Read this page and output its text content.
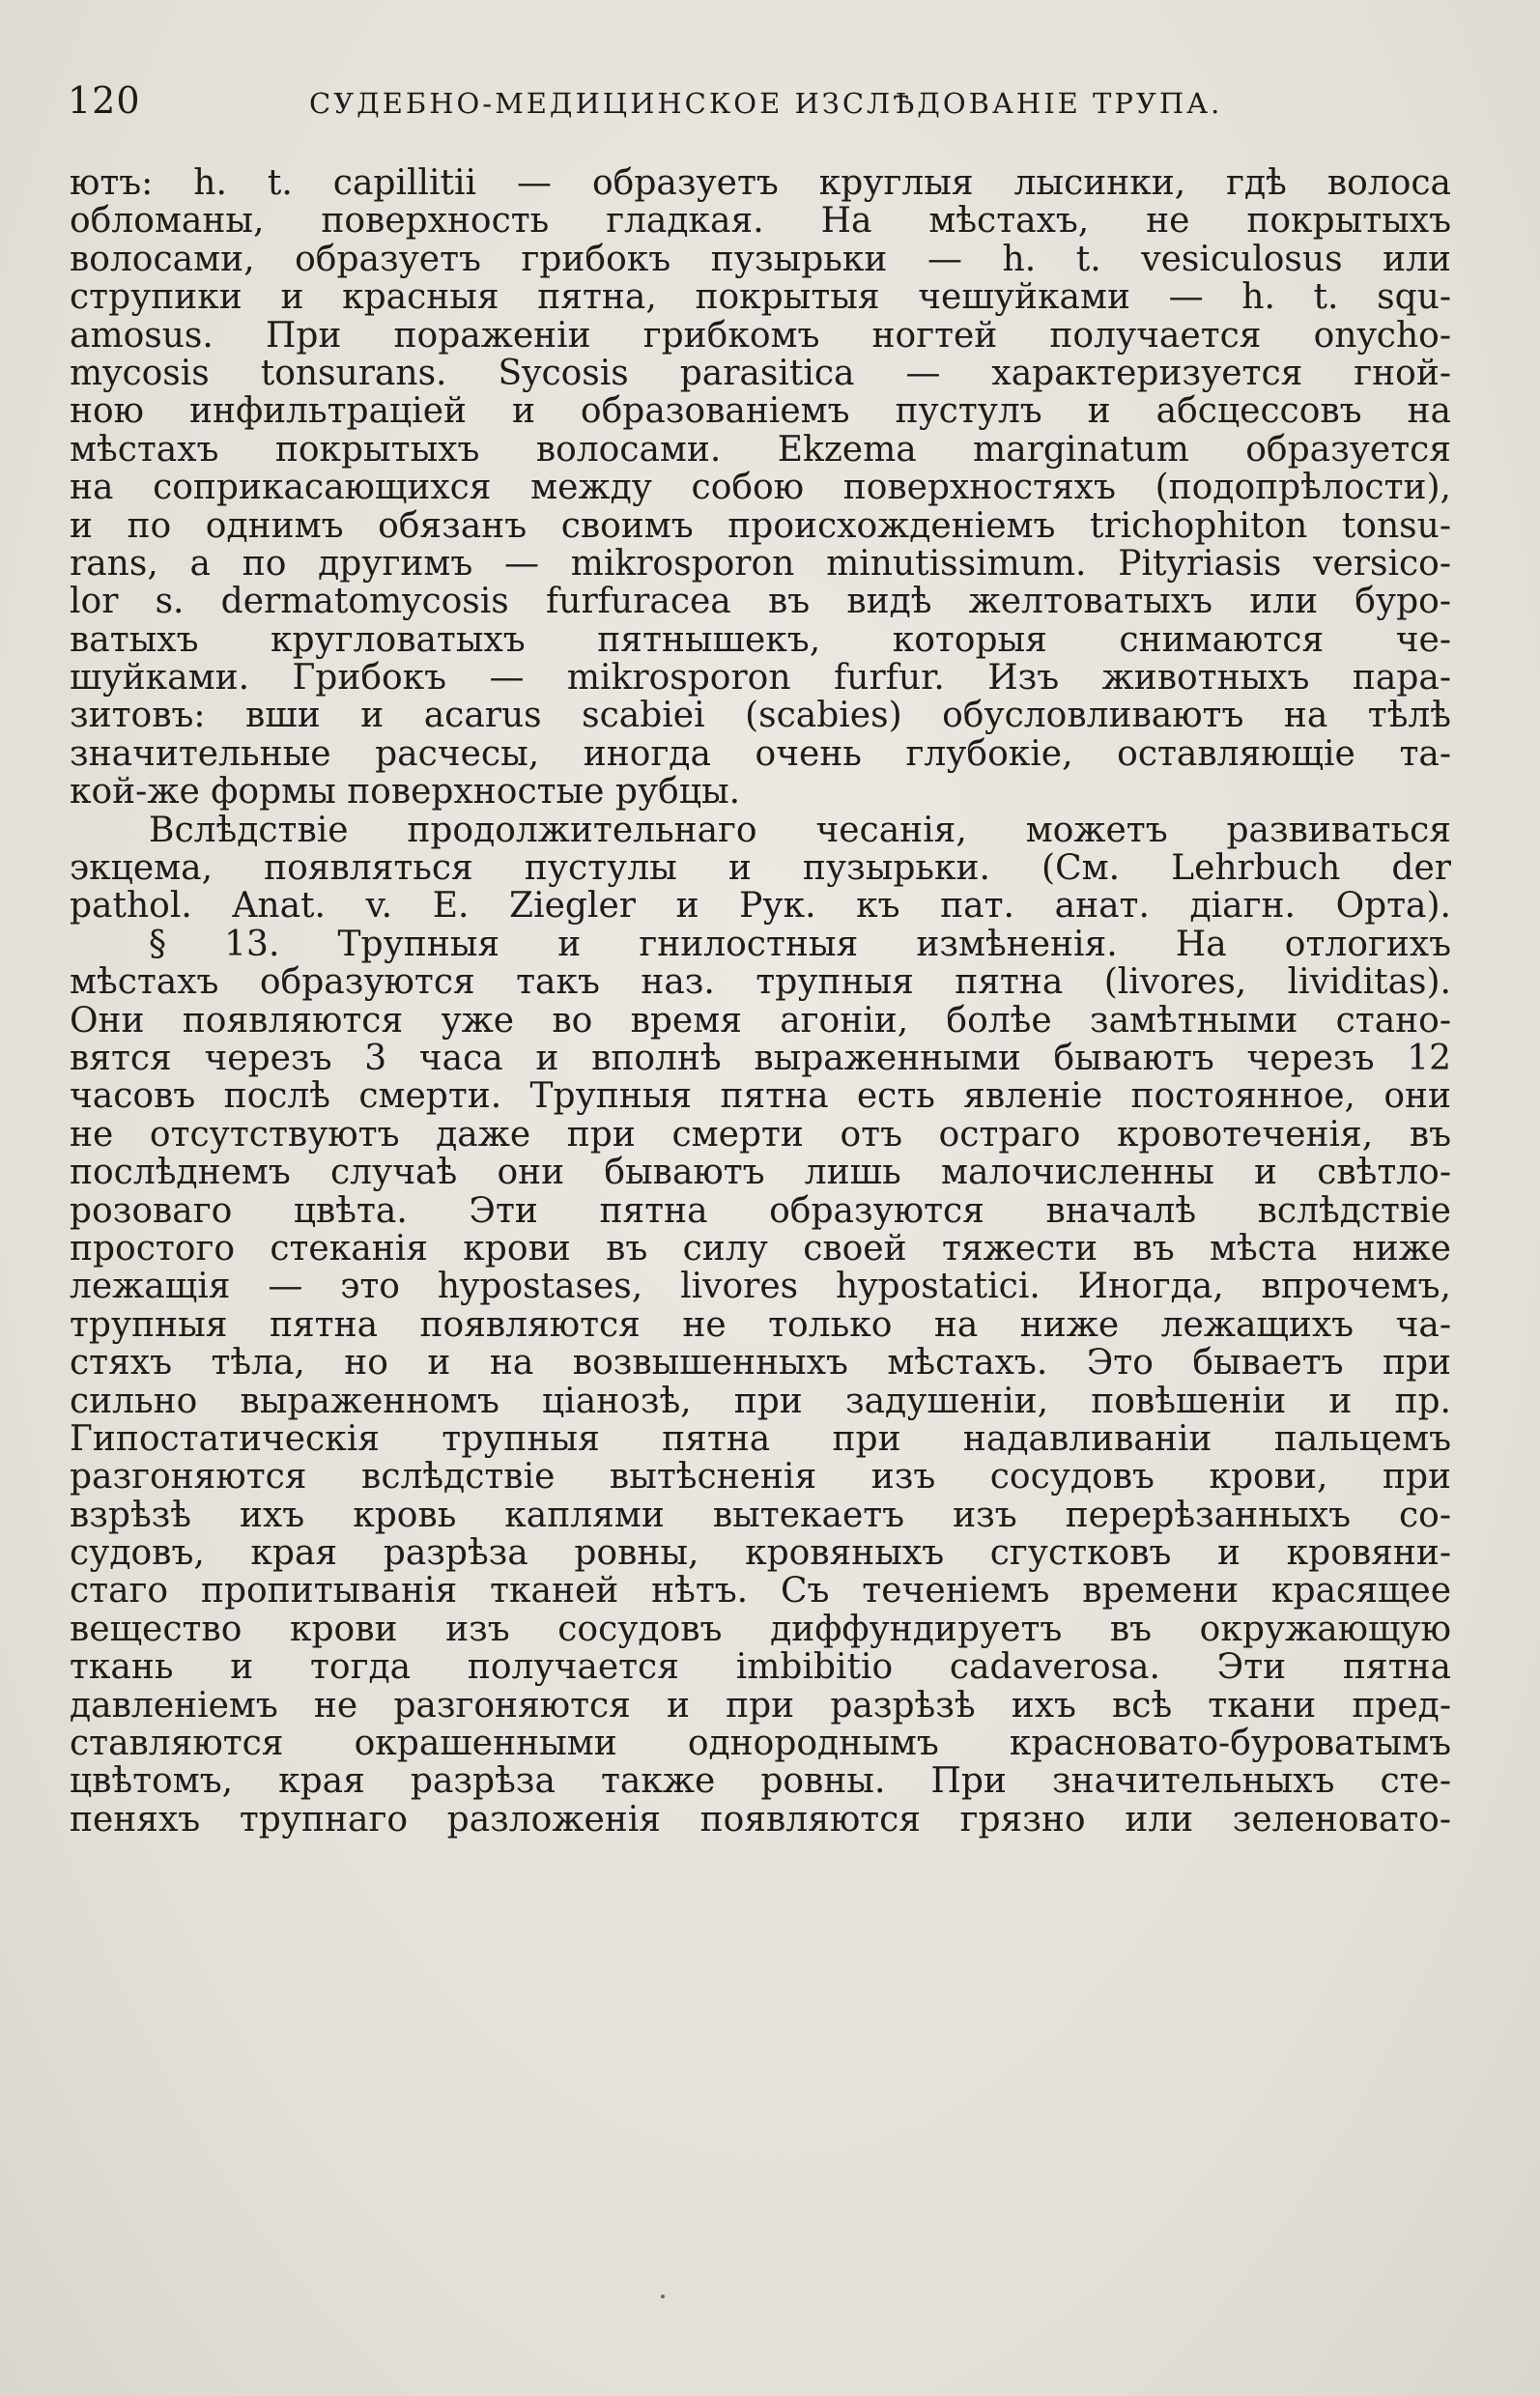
120	СУДЕБНО-МЕДИЦИНСКОЕ ИЗСЛѢДОВАНІЕ ТРУПА.
ютъ: h. t. capillitii — образуетъ круглыя лысинки, гдѣ волоса
обломаны, поверхность гладкая. На мѣстахъ, не покрытыхъ
волосами, образуетъ грибокъ пузырьки — h. t. vesiculosus или
струпики и красныя пятна, покрытыя чешуйками — h. t. squ-
amosus. При пораженіи грибкомъ ногтей получается onycho-
mycosis tonsurans. Sycosis parasitica — характеризуется гной-
ною инфильтрацiей и образованіемъ пустулъ и абсцессовъ на
мѣстахъ покрытыхъ волосами. Ekzema marginatum образуется
на соприкасающихся между собою поверхностяхъ (подопрѣлости),
и по однимъ обязанъ своимъ происхожденіемъ trichophiton tonsu-
rans, а по другимъ — mikrosporon minutissimum. Pityriasis versico-
lor s. dermatomycosis furfuracea въ видѣ желтоватыхъ или буро-
ватыхъ кругловатыхъ пятнышекъ, которыя снимаются че-
шуйками. Грибокъ — mikrosporon furfur. Изъ животныхъ пара-
зитовъ: вши и acarus scabiei (scabies) обусловливаютъ на тѣлѣ
значительные расчесы, иногда очень глубокіе, оставляющіе та-
кой-же формы поверхностые рубцы.
Вслѣдствіе продолжительнаго чесанія, можетъ развиваться
экцема, появляться пустулы и пузырьки. (См. Lehrbuch der
pathol. Anat. v. E. Ziegler и Рук. къ пат. анат. діагн. Орта).
§ 13. Трупныя и гнилостныя измѣненія. На отлогихъ
мѣстахъ образуются такъ наз. трупныя пятна (livores, lividitas).
Они появляются уже во время агоніи, болѣе замѣтными стано-
вятся черезъ 3 часа и вполнѣ выраженными бываютъ черезъ 12
часовъ послѣ смерти. Трупныя пятна есть явленіе постоянное, они
не отсутствуютъ даже при смерти отъ остраго кровотеченія, въ
послѣднемъ случаѣ они бываютъ лишь малочисленны и свѣтло-
розоваго цвѣта. Эти пятна образуются вначалѣ вслѣдствіе
простого стеканія крови въ силу своей тяжести въ мѣста ниже
лежащія — это hypostases, livores hypostatici. Иногда, впрочемъ,
трупныя пятна появляются не только на ниже лежащихъ ча-
стяхъ тѣла, но и на возвышенныхъ мѣстахъ. Это бываетъ при
сильно выраженномъ ціанозѣ, при задушеніи, повѣшеніи и пр.
Гипостатическія трупныя пятна при надавливаніи пальцемъ
разгоняются вслѣдствіе вытѣсненія изъ сосудовъ крови, при
взрѣзѣ ихъ кровь каплями вытекаетъ изъ перерѣзанныхъ со-
судовъ, края разрѣза ровны, кровяныхъ сгустковъ и кровяни-
стаго пропитыванія тканей нѣтъ. Съ теченіемъ времени красящее
вещество крови изъ сосудовъ диффундируетъ въ окружающую
ткань и тогда получается imbibitio cadaverosa. Эти пятна
давленіемъ не разгоняются и при разрѣзѣ ихъ всѣ ткани пред-
ставляются окрашенными однороднымъ красновато-буроватымъ
цвѣтомъ, края разрѣза также ровны. При значительныхъ сте-
пеняхъ трупнаго разложенія появляются грязно или зеленовато-
